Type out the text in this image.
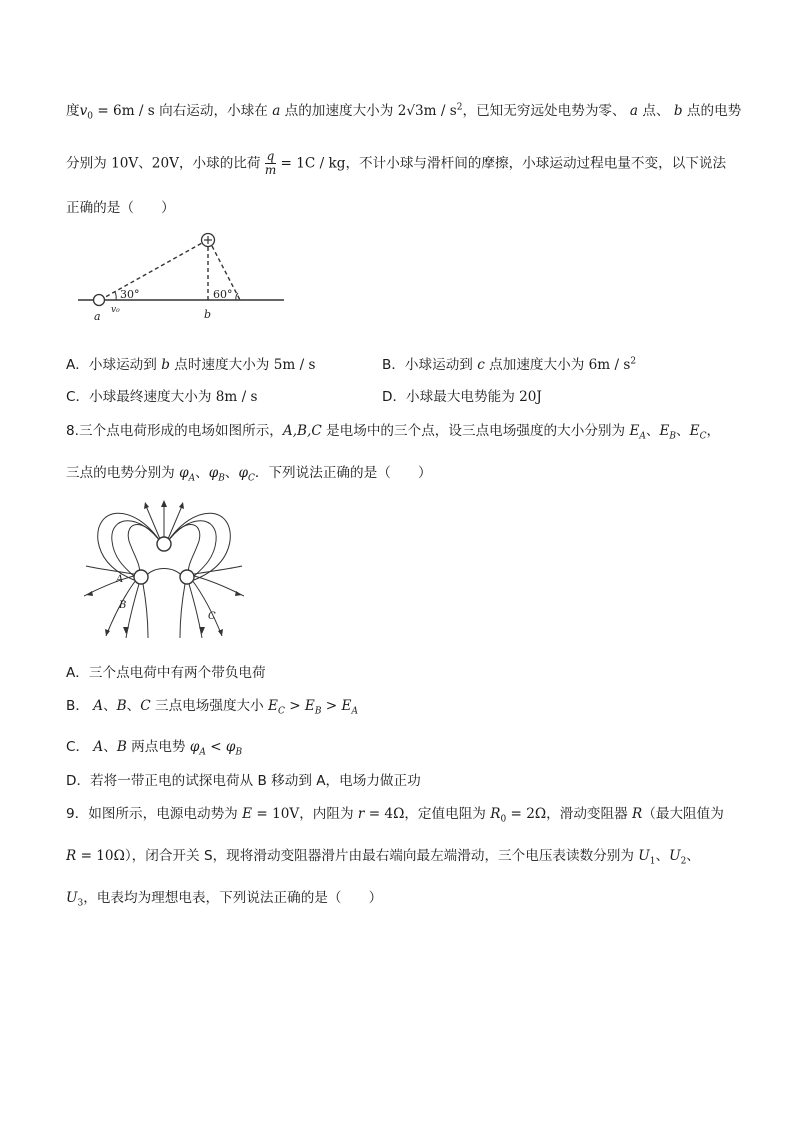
度$v_0 = 6m / s$ 向右运动，小球在 a 点的加速度大小为 $2√3m / s^2$，已知无穷远处电势为零、 a 点、 b 点的电势
分别为 10V、20V，小球的比荷 $\frac{q}{m} = 1C$ / kg，不计小球与滑杆间的摩擦，小球运动过程电量不变，以下说法
正确的是（　　）
30°	60°
a v₀	b
A．小球运动到 b 点时速度大小为 5m / s	B．小球运动到 c 点加速度大小为 $6m / s^2$
C．小球最终速度大小为 8m / s	D．小球最大电势能为 20J
8.三个点电荷形成的电场如图所示，A,B,C 是电场中的三个点，设三点电场强度的大小分别为 $E_A$、$E_B$、$E_C$，
三点的电势分别为 $\varphi_A$、$\varphi_B$、$\varphi_C$．下列说法正确的是（　　）
A
B
C
A．三个点电荷中有两个带负电荷
B． A、B、C 三点电场强度大小 $E_C > E_B > E_A$
C． A、B 两点电势 $\varphi_A < \varphi_B$
D．若将一带正电的试探电荷从 B 移动到 A，电场力做正功
9．如图所示，电源电动势为 E = 10V，内阻为 r = 4Ω，定值电阻为 $R_0 = 2\Omega$，滑动变阻器 R（最大阻值为
R = 10Ω），闭合开关 S，现将滑动变阻器滑片由最右端向最左端滑动，三个电压表读数分别为 $U_1$、$U_2$、
$U_3$，电表均为理想电表，下列说法正确的是（　　）
